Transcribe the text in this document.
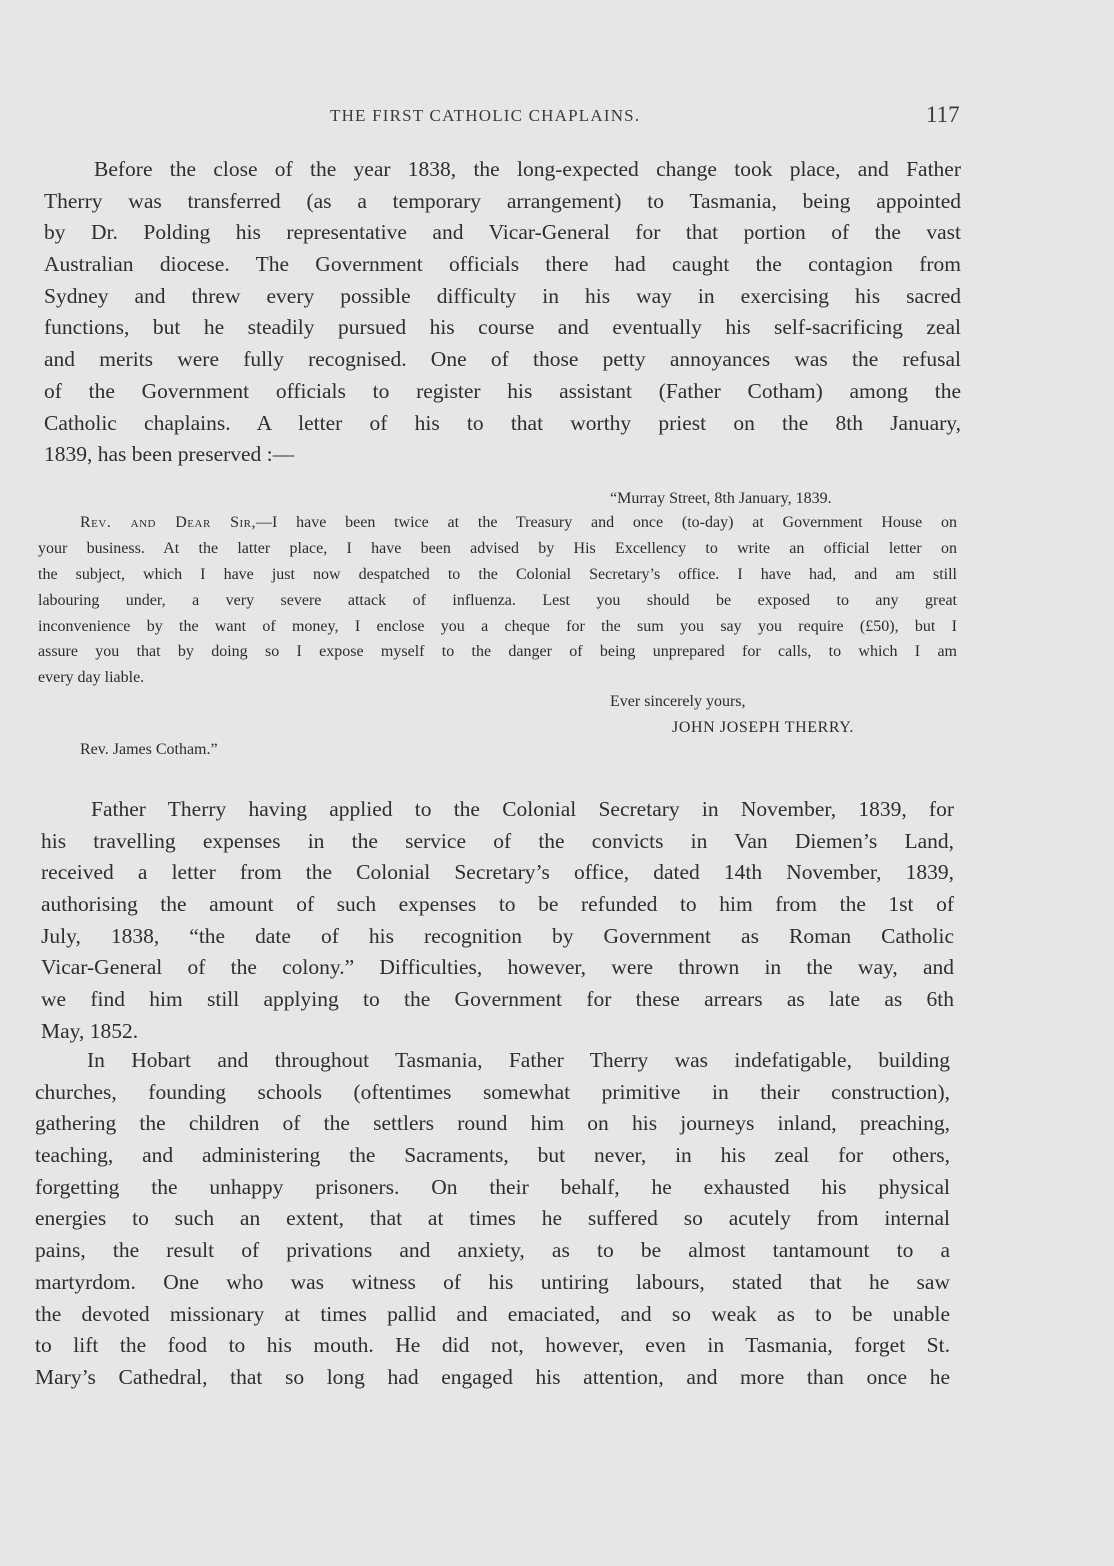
THE FIRST CATHOLIC CHAPLAINS.	117
Before the close of the year 1838, the long-expected change took place, and Father
Therry was transferred (as a temporary arrangement) to Tasmania, being appointed
by Dr. Polding his representative and Vicar-General for that portion of the vast
Australian diocese. The Government officials there had caught the contagion from
Sydney and threw every possible difficulty in his way in exercising his sacred
functions, but he steadily pursued his course and eventually his self-sacrificing zeal
and merits were fully recognised. One of those petty annoyances was the refusal
of the Government officials to register his assistant (Father Cotham) among the
Catholic chaplains. A letter of his to that worthy priest on the 8th January,
1839, has been preserved :—
“Murray Street, 8th January, 1839.
Rev. and Dear Sir,—I have been twice at the Treasury and once (to-day) at Government House on
your business. At the latter place, I have been advised by His Excellency to write an official letter on
the subject, which I have just now despatched to the Colonial Secretary’s office. I have had, and am still
labouring under, a very severe attack of influenza. Lest you should be exposed to any great
inconvenience by the want of money, I enclose you a cheque for the sum you say you require (£50), but I
assure you that by doing so I expose myself to the danger of being unprepared for calls, to which I am
every day liable.
Ever sincerely yours,
JOHN JOSEPH THERRY.
Rev. James Cotham.”
Father Therry having applied to the Colonial Secretary in November, 1839, for
his travelling expenses in the service of the convicts in Van Diemen’s Land,
received a letter from the Colonial Secretary’s office, dated 14th November, 1839,
authorising the amount of such expenses to be refunded to him from the 1st of
July, 1838, “the date of his recognition by Government as Roman Catholic
Vicar-General of the colony.” Difficulties, however, were thrown in the way, and
we find him still applying to the Government for these arrears as late as 6th
May, 1852.
In Hobart and throughout Tasmania, Father Therry was indefatigable, building
churches, founding schools (oftentimes somewhat primitive in their construction),
gathering the children of the settlers round him on his journeys inland, preaching,
teaching, and administering the Sacraments, but never, in his zeal for others,
forgetting the unhappy prisoners. On their behalf, he exhausted his physical
energies to such an extent, that at times he suffered so acutely from internal
pains, the result of privations and anxiety, as to be almost tantamount to a
martyrdom. One who was witness of his untiring labours, stated that he saw
the devoted missionary at times pallid and emaciated, and so weak as to be unable
to lift the food to his mouth. He did not, however, even in Tasmania, forget St.
Mary’s Cathedral, that so long had engaged his attention, and more than once he
